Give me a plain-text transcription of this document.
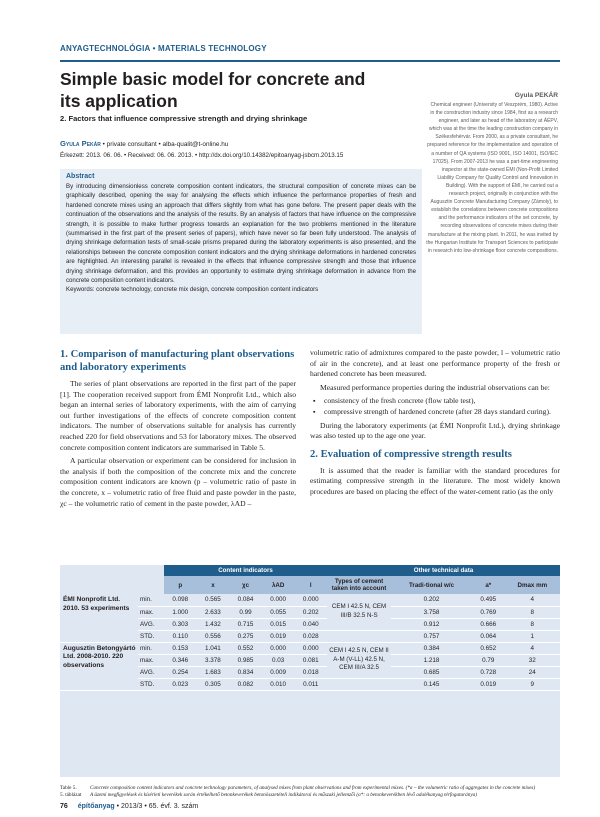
ANYAGTECHNOLÓGIA • MATERIALS TECHNOLOGY
Simple basic model for concrete and its application
2. Factors that influence compressive strength and drying shrinkage
Gyula Pekár • private consultant • alba-qualit@t-online.hu
Érkezett: 2013. 06. 06. • Received: 06. 06. 2013. • http://dx.doi.org/10.14382/epitoanyag-jsbcm.2013.15
Abstract
By introducing dimensionless concrete composition content indicators, the structural composition of concrete mixes can be graphically described, opening the way for analysing the effects which influence the performance properties of fresh and hardened concrete mixes using an approach that differs slightly from what has gone before. The present paper deals with the continuation of the observations and the analysis of the results. By an analysis of factors that have influence on the compressive strength, it is possible to make further progress towards an explanation for the two problems mentioned in the literature (summarised in the first part of the present series of papers), which have never so far been fully understood. The analysis of drying shrinkage deformation tests of small-scale prisms prepared during the laboratory experiments is also presented, and the relationships between the concrete composition content indicators and the drying shrinkage deformations in hardened concretes are highlighted. An interesting parallel is revealed in the effects that influence compressive strength and those that influence drying shrinkage deformation, and this provides an opportunity to estimate drying shrinkage deformation in advance from the concrete composition content indicators.
Keywords: concrete technology, concrete mix design, concrete composition content indicators
Gyula PEKÁR
Chemical engineer (University of Veszprém, 1980). Active in the construction industry since 1984, first as a research engineer, and later as head of the laboratory at ÁÉPV, which was at the time the leading construction company in Székesfehérvár. From 2000, as a private consultant, he prepared reference for the implementation and operation of a number of QA systems (ISO 9001, ISO 14001, ISO/IEC 17025). From 2007-2013 he was a part-time engineering inspector at the state-owned ÉMI (Non-Profit Limited Liability Company for Quality Control and Innovation in Building). With the support of ÉMI, he carried out a research project, originally in conjunction with the Augusztin Concrete Manufacturing Company (Zámoly), to establish the correlations between concrete compositions and the performance indicators of the set concrete, by recording observations of concrete mixes during their manufacture at the mixing plant. In 2011, he was invited by the Hungarian Institute for Transport Sciences to participate in research into low-shrinkage floor concrete compositions.
1. Comparison of manufacturing plant observations and laboratory experiments

The series of plant observations are reported in the first part of the paper [1]. The cooperation received support from ÉMI Nonprofit Ltd., which also began an internal series of laboratory experiments, with the aim of carrying out further investigations of the effects of concrete composition content indicators. The number of observations suitable for analysis has currently reached 220 for field observations and 53 for laboratory mixes. The observed concrete composition content indicators are summarised in Table 5.

A particular observation or experiment can be considered for inclusion in the analysis if both the composition of the concrete mix and the concrete composition content indicators are known (p – volumetric ratio of paste in the concrete, x – volumetric ratio of free fluid and paste powder in the paste, χc – the volumetric ratio of cement in the paste powder, λAD –

volumetric ratio of admixtures compared to the paste powder, l – volumetric ratio of air in the concrete), and at least one performance property of the fresh or hardened concrete has been measured.

Measured performance properties during the industrial observations can be:

▪ consistency of the fresh concrete (flow table test),
▪ compressive strength of hardened concrete (after 28 days standard curing).

During the laboratory experiments (at ÉMI Nonprofit Ltd.), drying shrinkage was also tested up to the age one year.

2. Evaluation of compressive strength results

It is assumed that the reader is familiar with the standard procedures for estimating compressive strength in the literature. The most widely known procedures are based on placing the effect of the water-cement ratio (as the only

		Content indicators					Other technical data			
		p	x	χc	λAD	l	Types of cement taken into account	Tradi-tional w/c	a*	Dmax mm
ÉMI Nonprofit Ltd. 2010. 53 experiments	min.	0.098	0.565	0.084	0.000	0.000	CEM I 42.5 N, CEM III/B 32.5 N-S	0.202	0.495	4
	max.	1.000	2.633	0.99	0.055	0.202		3.758	0.769	8
	AVG.	0.303	1.432	0.715	0.015	0.040		0.912	0.666	8
	STD.	0.110	0.556	0.275	0.019	0.028		0.757	0.064	1
Augusztin Betongyártó Ltd. 2008-2010. 220 observations	min.	0.153	1.041	0.552	0.000	0.000	CEM I 42.5 N, CEM II A-M (V-LL) 42.5 N, CEM III/A 32.5	0.384	0.652	4
	max.	0.346	3.378	0.985	0.03	0.081		1.218	0.79	32
	AVG.	0.254	1.683	0.834	0.009	0.018		0.685	0.728	24
	STD.	0.023	0.305	0.082	0.010	0.011		0.145	0.019	9
Table 5.	Concrete composition content indicators and concrete technology parameters, of analysed mixes from plant observations and from experimental mixes. (*a – the volumetric ratio of aggregates in the concrete mixes)
5. táblázat	A üzemi megfigyelések és kísérleti keverékek során értékelhető betonkeverékek betonösszetételi indikátorai és műszaki jellemzői (a*: a betonkeverékben lévő adalékanyag térfogataránya)
76 építőanyag • 2013/3 • 65. évf. 3. szám
